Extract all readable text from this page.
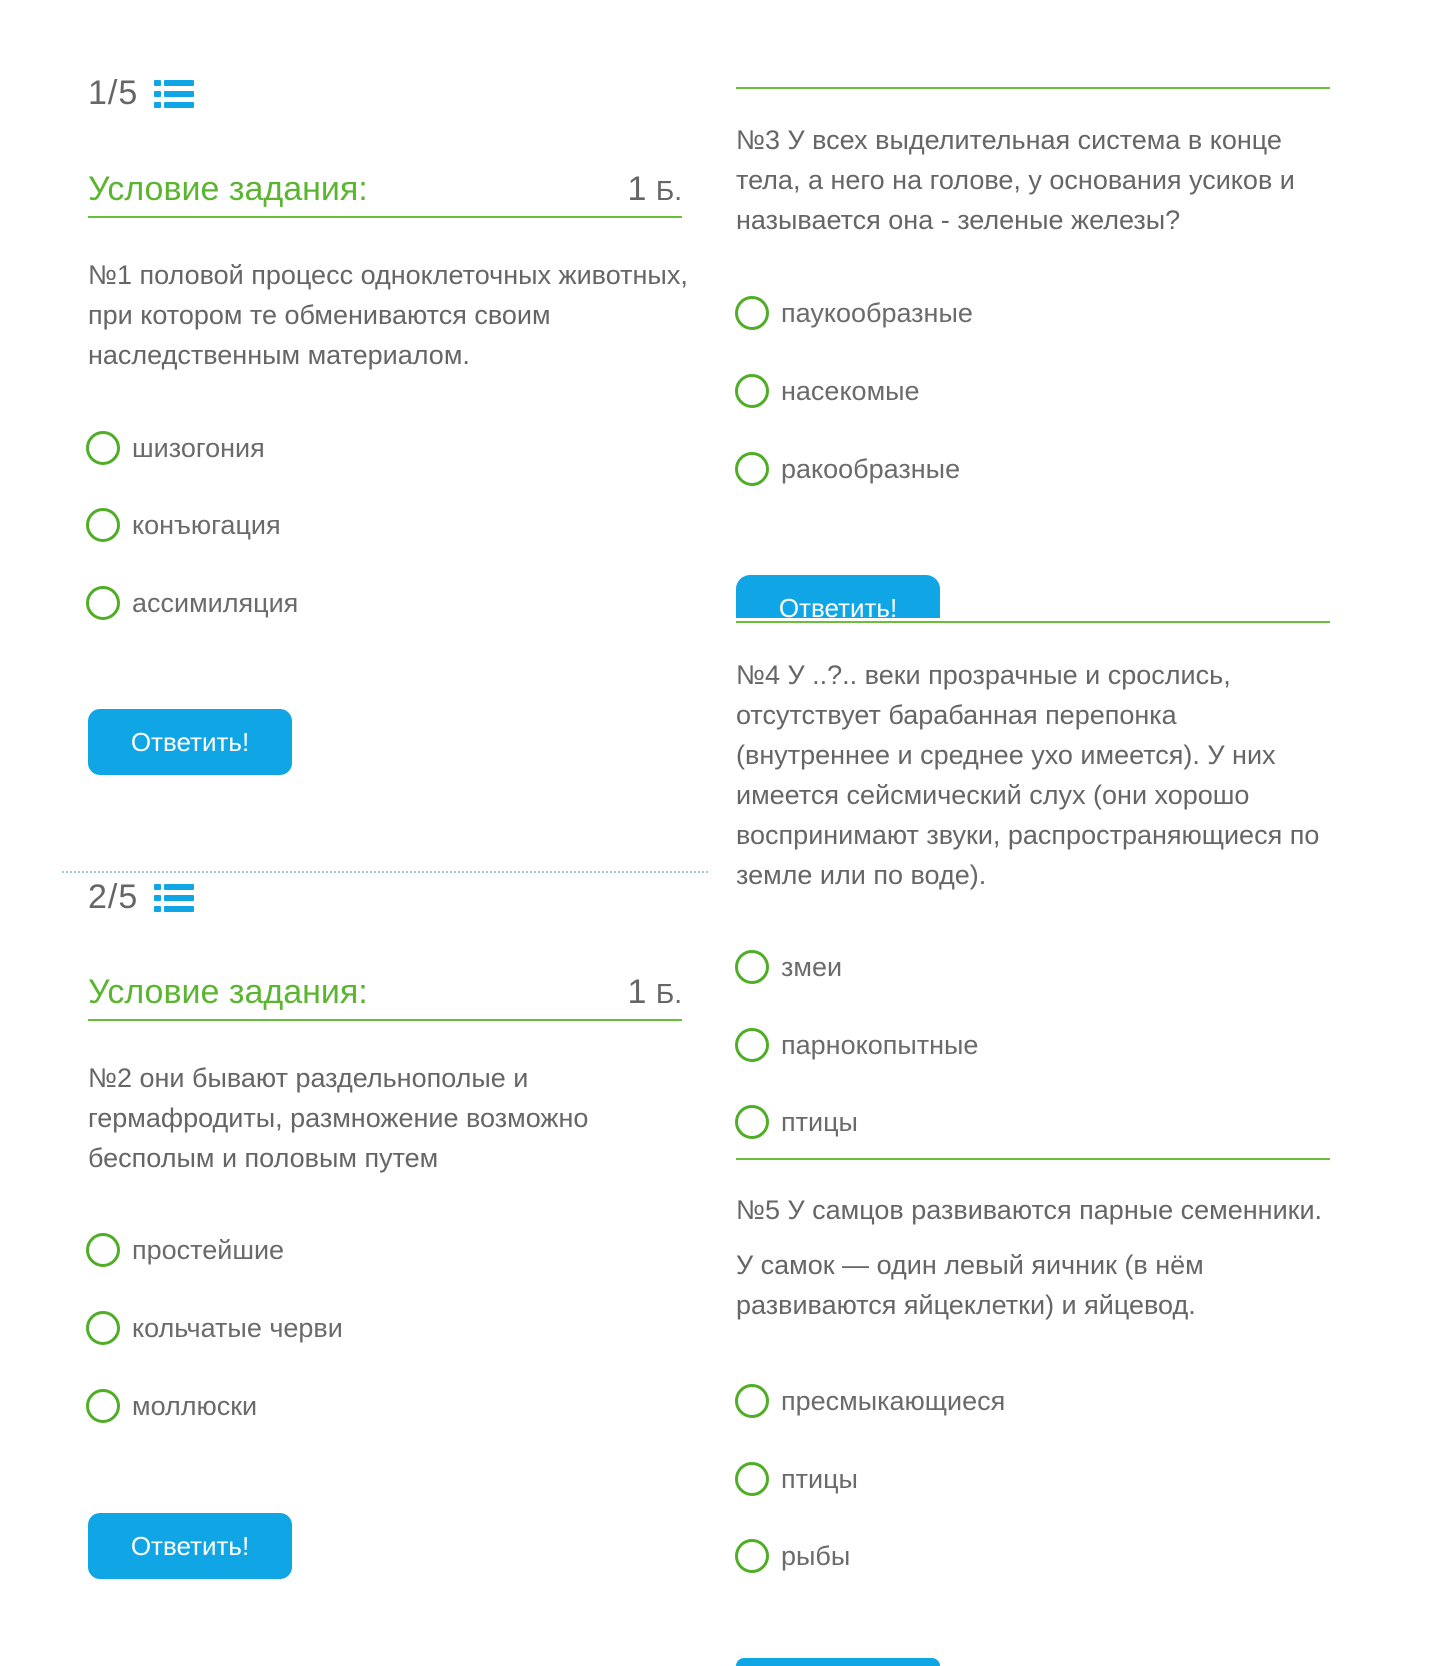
1/5
Условие задания:	1 Б.
№1 половой процесс одноклеточных животных, при котором те обмениваются своим наследственным материалом.
шизогония
конъюгация
ассимиляция
Ответить!
2/5
Условие задания:	1 Б.
№2 они бывают раздельнополые и гермафродиты, размножение возможно бесполым и половым путем
простейшие
кольчатые черви
моллюски
Ответить!
№3 У всех выделительная система в конце тела, а него на голове, у основания усиков и называется она - зеленые железы?
паукообразные
насекомые
ракообразные
Ответить!
№4 У ..?.. веки прозрачные и срослись, отсутствует барабанная перепонка (внутреннее и среднее ухо имеется). У них имеется сейсмический слух (они хорошо воспринимают звуки, распространяющиеся по земле или по воде).
змеи
парнокопытные
птицы
№5 У самцов развиваются парные семенники.
У самок — один левый яичник (в нём развиваются яйцеклетки) и яйцевод.
пресмыкающиеся
птицы
рыбы
